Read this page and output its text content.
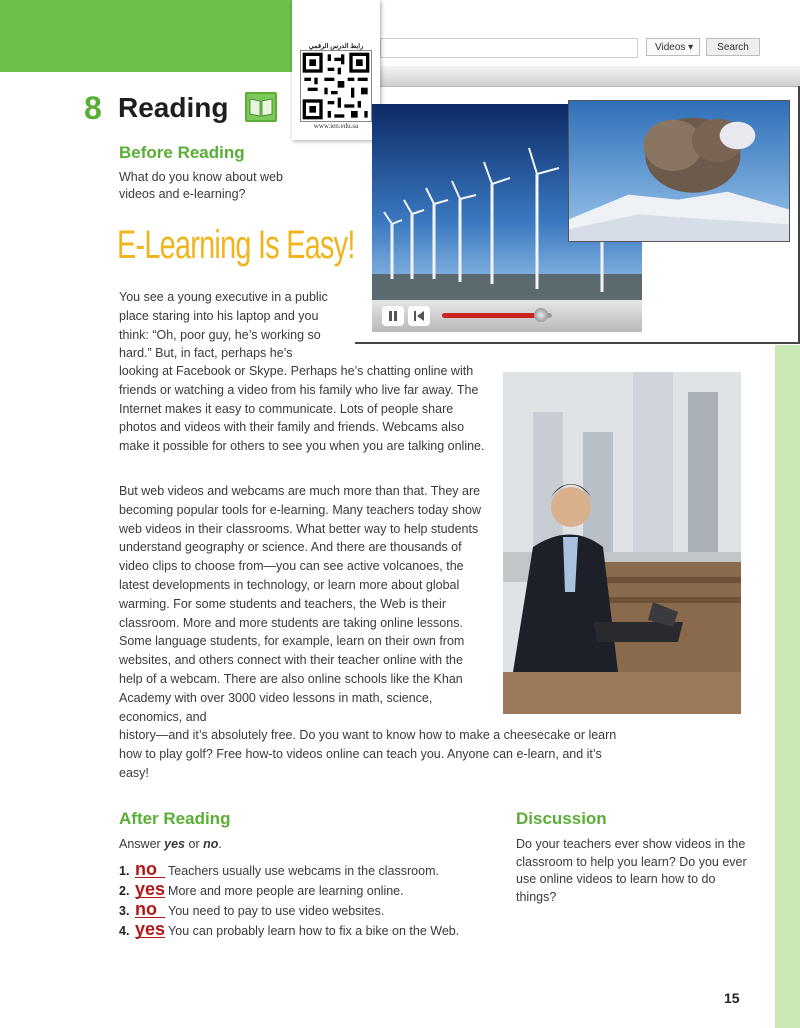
Videos ▾	Search
رابط الدرس الرقمي
www.ien.edu.sa
8 Reading
Before Reading
What do you know about web videos and e-learning?
E-Learning Is Easy!
You see a young executive in a public place staring into his laptop and you think: “Oh, poor guy, he’s working so hard.” But, in fact, perhaps he’s
looking at Facebook or Skype. Perhaps he’s chatting online with friends or watching a video from his family who live far away. The Internet makes it easy to communicate. Lots of people share photos and videos with their family and friends. Webcams also make it possible for others to see you when you are talking online.
But web videos and webcams are much more than that. They are becoming popular tools for e-learning. Many teachers today show web videos in their classrooms. What better way to help students understand geography or science. And there are thousands of video clips to choose from—you can see active volcanoes, the latest developments in technology, or learn more about global warming. For some students and teachers, the Web is their classroom. More and more students are taking online lessons. Some language students, for example, learn on their own from websites, and others connect with their teacher online with the help of a webcam. There are also online schools like the Khan Academy with over 3000 video lessons in math, science, economics, and
history—and it’s absolutely free. Do you want to know how to make a cheesecake or learn how to play golf? Free how-to videos online can teach you. Anyone can e-learn, and it’s easy!
After Reading
Answer yes or no.
1. no Teachers usually use webcams in the classroom.
2. yes More and more people are learning online.
3. no You need to pay to use video websites.
4. yes You can probably learn how to fix a bike on the Web.
Discussion
Do your teachers ever show videos in the classroom to help you learn? Do you ever use online videos to learn how to do things?
15
